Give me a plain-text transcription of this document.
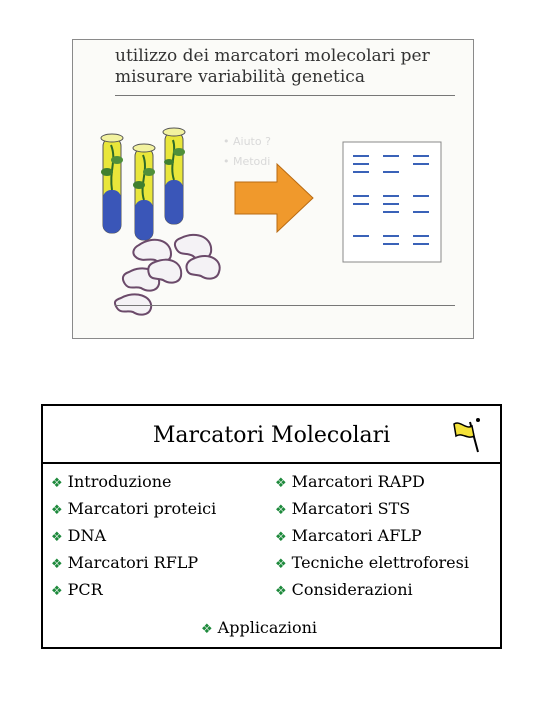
utilizzo dei marcatori molecolari per
misurare variabilità genetica
• Aiuto ?
• Metodi
Marcatori Molecolari
❖ Introduzione
❖ Marcatori proteici
❖ DNA
❖ Marcatori RFLP
❖ PCR
❖ Marcatori RAPD
❖ Marcatori STS
❖ Marcatori AFLP
❖ Tecniche elettroforesi
❖ Considerazioni
❖ Applicazioni
